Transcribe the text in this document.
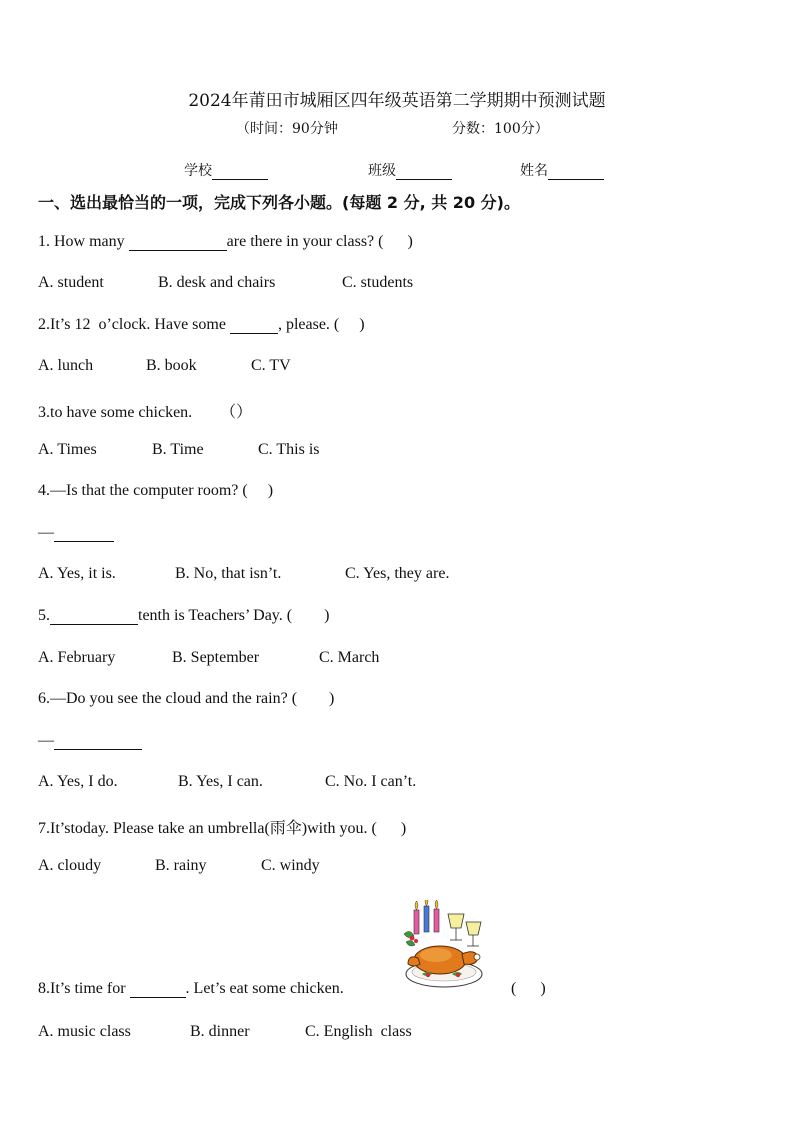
2024年莆田市城厢区四年级英语第二学期期中预测试题
（时间：90分钟	分数：100分）
学校	班级	姓名
一、选出最恰当的一项，完成下列各小题。(每题 2 分, 共 20 分)。
1. How many	are there in your class? (      )
A. student	B. desk and chairs	C. students
2.It’s 12  o’clock. Have some	, please. (     )
A. lunch	B. book	C. TV
3.to have some chicken.       （）
A. Times	B. Time	C. This is
4.—Is that the computer room? (     )
—
A. Yes, it is.	B. No, that isn’t.	C. Yes, they are.
5.	tenth is Teachers’ Day. (        )
A. February	B. September	C. March
6.—Do you see the cloud and the rain? (        )
—
A. Yes, I do.	B. Yes, I can.	C. No. I can’t.
7.It’stoday. Please take an umbrella(雨伞)with you. (      )
A. cloudy	B. rainy	C. windy
8.It’s time for	. Let’s eat some chicken.	(      )
A. music class	B. dinner	C. English  class
